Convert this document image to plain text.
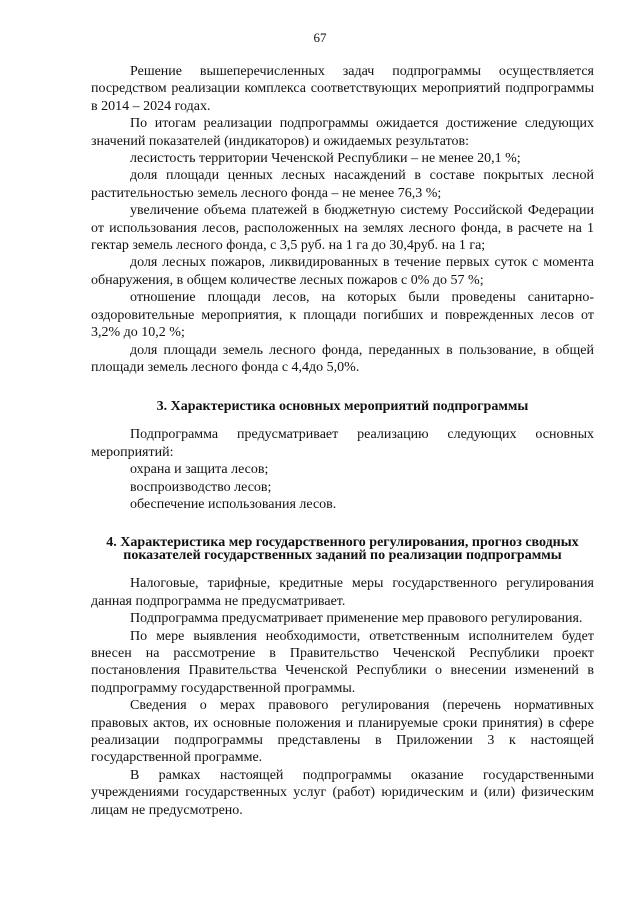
67

Решение вышеперечисленных задач подпрограммы осуществляется посредством реализации комплекса соответствующих мероприятий подпрограммы в 2014 – 2024 годах.

По итогам реализации подпрограммы ожидается достижение следующих значений показателей (индикаторов) и ожидаемых результатов:

лесистость территории Чеченской Республики – не менее 20,1 %;

доля площади ценных лесных насаждений в составе покрытых лесной растительностью земель лесного фонда – не менее 76,3 %;

увеличение объема платежей в бюджетную систему Российской Федерации от использования лесов, расположенных на землях лесного фонда, в расчете на 1 гектар земель лесного фонда, с 3,5 руб. на 1 га до 30,4руб. на 1 га;

доля лесных пожаров, ликвидированных в течение первых суток с момента обнаружения, в общем количестве лесных пожаров с 0% до 57 %;

отношение площади лесов, на которых были проведены санитарно-оздоровительные мероприятия, к площади погибших и поврежденных лесов от 3,2% до 10,2 %;

доля площади земель лесного фонда, переданных в пользование, в общей площади земель лесного фонда с 4,4до 5,0%.

3. Характеристика основных мероприятий подпрограммы

Подпрограмма предусматривает реализацию следующих основных мероприятий:

охрана и защита лесов;

воспроизводство лесов;

обеспечение использования лесов.

4. Характеристика мер государственного регулирования, прогноз сводных показателей государственных заданий по реализации подпрограммы

Налоговые, тарифные, кредитные меры государственного регулирования данная подпрограмма не предусматривает.

Подпрограмма предусматривает применение мер правового регулирования.

По мере выявления необходимости, ответственным исполнителем будет внесен на рассмотрение в Правительство Чеченской Республики проект постановления Правительства Чеченской Республики о внесении изменений в подпрограмму государственной программы.

Сведения о мерах правового регулирования (перечень нормативных правовых актов, их основные положения и планируемые сроки принятия) в сфере реализации подпрограммы представлены в Приложении 3 к настоящей государственной программе.

В рамках настоящей подпрограммы оказание государственными учреждениями государственных услуг (работ) юридическим и (или) физическим лицам не предусмотрено.
